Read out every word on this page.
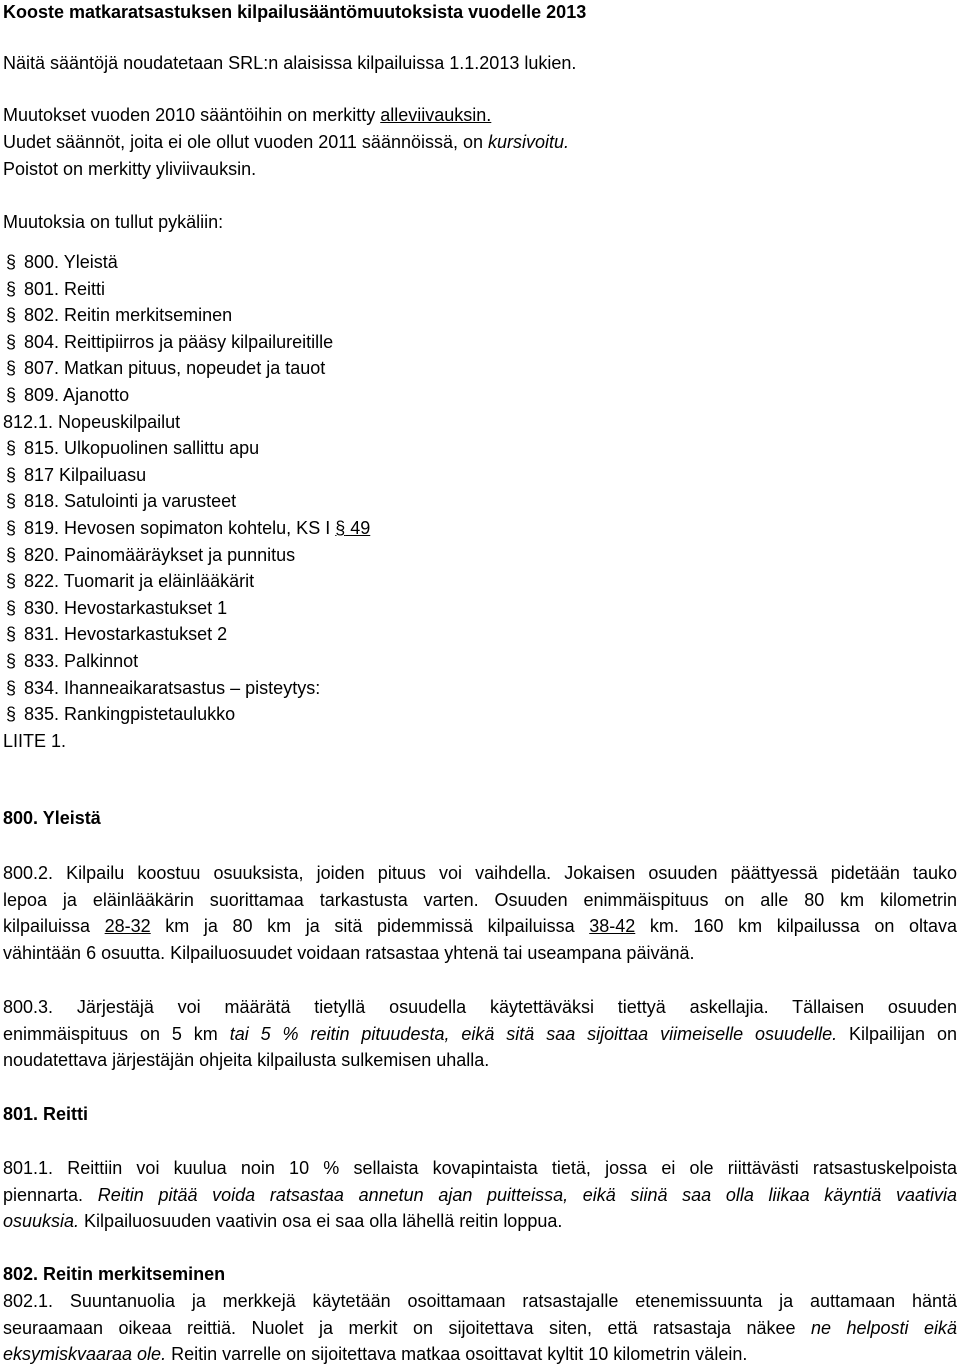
Kooste matkaratsastuksen kilpailusääntömuutoksista vuodelle 2013
Näitä sääntöjä noudatetaan SRL:n alaisissa kilpailuissa 1.1.2013 lukien.
Muutokset vuoden 2010 sääntöihin on merkitty alleviivauksin.
Uudet säännöt, joita ei ole ollut vuoden 2011 säännöissä, on kursivoitu.
Poistot on merkitty yliviivauksin.
Muutoksia on tullut pykäliin:
§ 800. Yleistä
§ 801. Reitti
§ 802. Reitin merkitseminen
§ 804. Reittipiirros ja pääsy kilpailureitille
§ 807. Matkan pituus, nopeudet ja tauot
§ 809. Ajanotto
812.1. Nopeuskilpailut
§ 815. Ulkopuolinen sallittu apu
§ 817 Kilpailuasu
§ 818. Satulointi ja varusteet
§ 819. Hevosen sopimaton kohtelu, KS I § 49
§ 820. Painomääräykset ja punnitus
§ 822. Tuomarit ja eläinlääkärit
§ 830. Hevostarkastukset 1
§ 831. Hevostarkastukset 2
§ 833. Palkinnot
§ 834. Ihanneaikaratsastus – pisteytys:
§ 835. Rankingpistetaulukko
LIITE 1.
800. Yleistä
800.2. Kilpailu koostuu osuuksista, joiden pituus voi vaihdella. Jokaisen osuuden päättyessä pidetään tauko
lepoa ja eläinlääkärin suorittamaa tarkastusta varten. Osuuden enimmäispituus on alle 80 km kilometrin
kilpailuissa 28-32 km ja 80 km ja sitä pidemmissä kilpailuissa 38-42 km. 160 km kilpailussa on oltava
vähintään 6 osuutta. Kilpailuosuudet voidaan ratsastaa yhtenä tai useampana päivänä.
800.3. Järjestäjä voi määrätä tietyllä osuudella käytettäväksi tiettyä askellajia. Tällaisen osuuden
enimmäispituus on 5 km tai 5 % reitin pituudesta, eikä sitä saa sijoittaa viimeiselle osuudelle. Kilpailijan on
noudatettava järjestäjän ohjeita kilpailusta sulkemisen uhalla.
801. Reitti
801.1. Reittiin voi kuulua noin 10 % sellaista kovapintaista tietä, jossa ei ole riittävästi ratsastuskelpoista
piennarta. Reitin pitää voida ratsastaa annetun ajan puitteissa, eikä siinä saa olla liikaa käyntiä vaativia
osuuksia. Kilpailuosuuden vaativin osa ei saa olla lähellä reitin loppua.
802. Reitin merkitseminen
802.1. Suuntanuolia ja merkkejä käytetään osoittamaan ratsastajalle etenemissuunta ja auttamaan häntä
seuraamaan oikeaa reittiä. Nuolet ja merkit on sijoitettava siten, että ratsastaja näkee ne helposti eikä
eksymiskvaaraa ole. Reitin varrelle on sijoitettava matkaa osoittavat kyltit 10 kilometrin välein.
